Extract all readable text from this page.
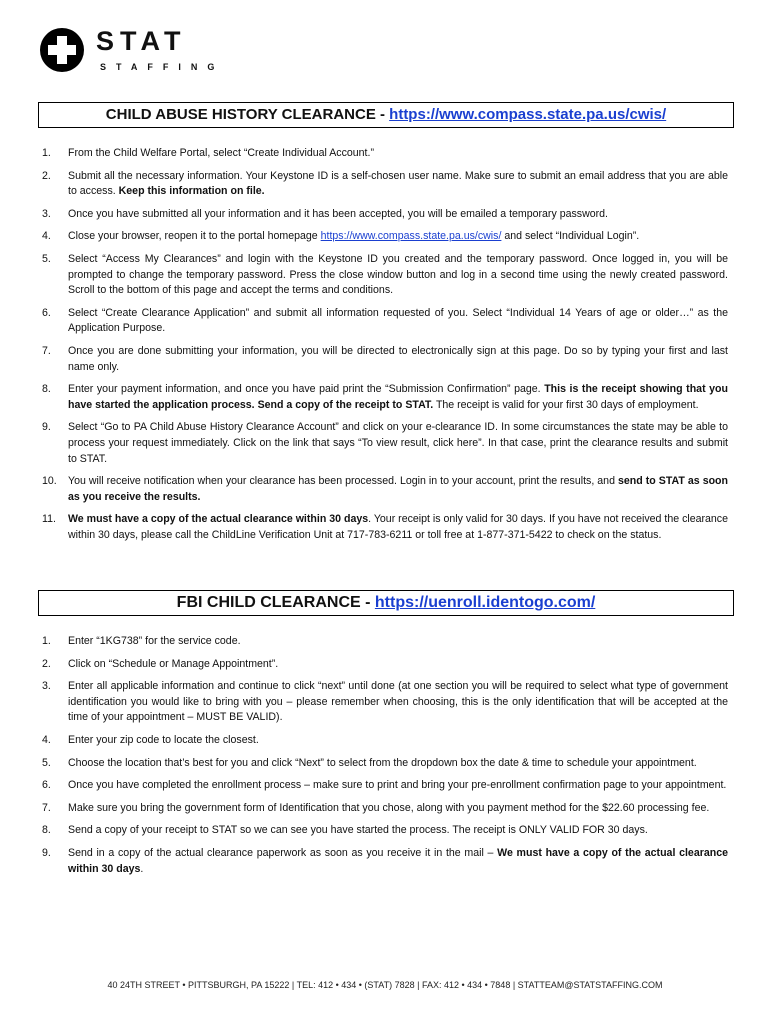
STAT
STAFFING
CHILD ABUSE HISTORY CLEARANCE - https://www.compass.state.pa.us/cwis/
1. From the Child Welfare Portal, select “Create Individual Account.”
2. Submit all the necessary information. Your Keystone ID is a self-chosen user name. Make sure to submit an email address that you are able to access. Keep this information on file.
3. Once you have submitted all your information and it has been accepted, you will be emailed a temporary password.
4. Close your browser, reopen it to the portal homepage https://www.compass.state.pa.us/cwis/ and select “Individual Login”.
5. Select “Access My Clearances” and login with the Keystone ID you created and the temporary password. Once logged in, you will be prompted to change the temporary password. Press the close window button and log in a second time using the newly created password. Scroll to the bottom of this page and accept the terms and conditions.
6. Select “Create Clearance Application” and submit all information requested of you. Select “Individual 14 Years of age or older…” as the Application Purpose.
7. Once you are done submitting your information, you will be directed to electronically sign at this page. Do so by typing your first and last name only.
8. Enter your payment information, and once you have paid print the “Submission Confirmation” page. This is the receipt showing that you have started the application process. Send a copy of the receipt to STAT. The receipt is valid for your first 30 days of employment.
9. Select “Go to PA Child Abuse History Clearance Account” and click on your e-clearance ID. In some circumstances the state may be able to process your request immediately. Click on the link that says “To view result, click here”. In that case, print the clearance results and submit to STAT.
10. You will receive notification when your clearance has been processed. Login in to your account, print the results, and send to STAT as soon as you receive the results.
11. We must have a copy of the actual clearance within 30 days. Your receipt is only valid for 30 days. If you have not received the clearance within 30 days, please call the ChildLine Verification Unit at 717-783-6211 or toll free at 1-877-371-5422 to check on the status.
FBI CHILD CLEARANCE - https://uenroll.identogo.com/
1. Enter “1KG738” for the service code.
2. Click on “Schedule or Manage Appointment”.
3. Enter all applicable information and continue to click “next” until done (at one section you will be required to select what type of government identification you would like to bring with you – please remember when choosing, this is the only identification that will be accepted at the time of your appointment – MUST BE VALID).
4. Enter your zip code to locate the closest.
5. Choose the location that’s best for you and click “Next” to select from the dropdown box the date & time to schedule your appointment.
6. Once you have completed the enrollment process – make sure to print and bring your pre-enrollment confirmation page to your appointment.
7. Make sure you bring the government form of Identification that you chose, along with you payment method for the $22.60 processing fee.
8. Send a copy of your receipt to STAT so we can see you have started the process. The receipt is ONLY VALID FOR 30 days.
9. Send in a copy of the actual clearance paperwork as soon as you receive it in the mail – We must have a copy of the actual clearance within 30 days.
40 24TH STREET • PITTSBURGH, PA 15222 | TEL: 412 • 434 • (STAT) 7828 | FAX: 412 • 434 • 7848 | STATTEAM@STATSTAFFING.COM
